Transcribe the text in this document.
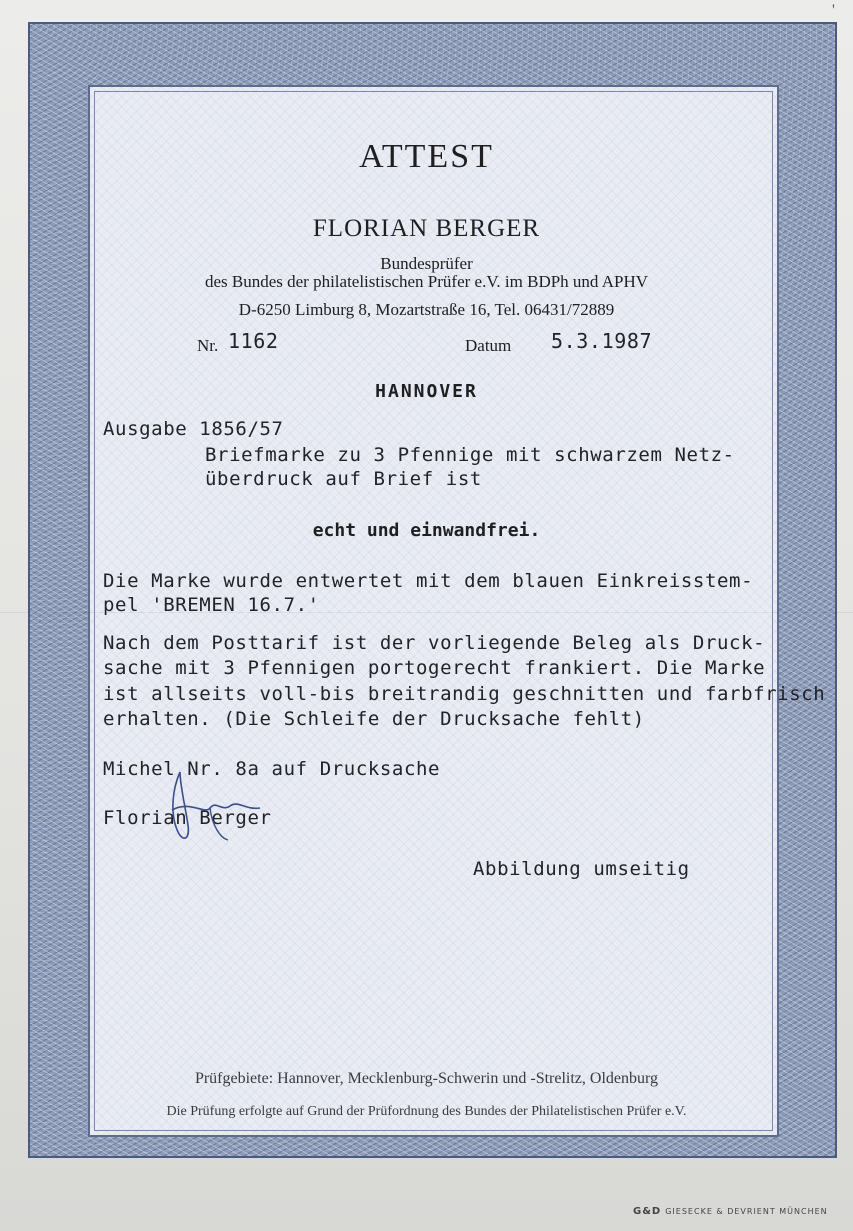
ATTEST
FLORIAN BERGER
Bundesprüfer
des Bundes der philatelistischen Prüfer e.V. im BDPh und APHV
D-6250 Limburg 8, Mozartstraße 16, Tel. 06431/72889
Nr. 1162	Datum 5.3.1987
HANNOVER
Ausgabe 1856/57
Briefmarke zu 3 Pfennige mit schwarzem Netz-
überdruck auf Brief ist
echt und einwandfrei.
Die Marke wurde entwertet mit dem blauen Einkreisstem-
pel 'BREMEN 16.7.'
Nach dem Posttarif ist der vorliegende Beleg als Druck-
sache mit 3 Pfennigen portogerecht frankiert. Die Marke
ist allseits voll-bis breitrandig geschnitten und farbfrisch
erhalten. (Die Schleife der Drucksache fehlt)
Michel Nr. 8a auf Drucksache
Florian Berger
Abbildung umseitig
Prüfgebiete: Hannover, Mecklenburg-Schwerin und -Strelitz, Oldenburg
Die Prüfung erfolgte auf Grund der Prüfordnung des Bundes der Philatelistischen Prüfer e.V.
G&D GIESECKE & DEVRIENT MÜNCHEN
'
